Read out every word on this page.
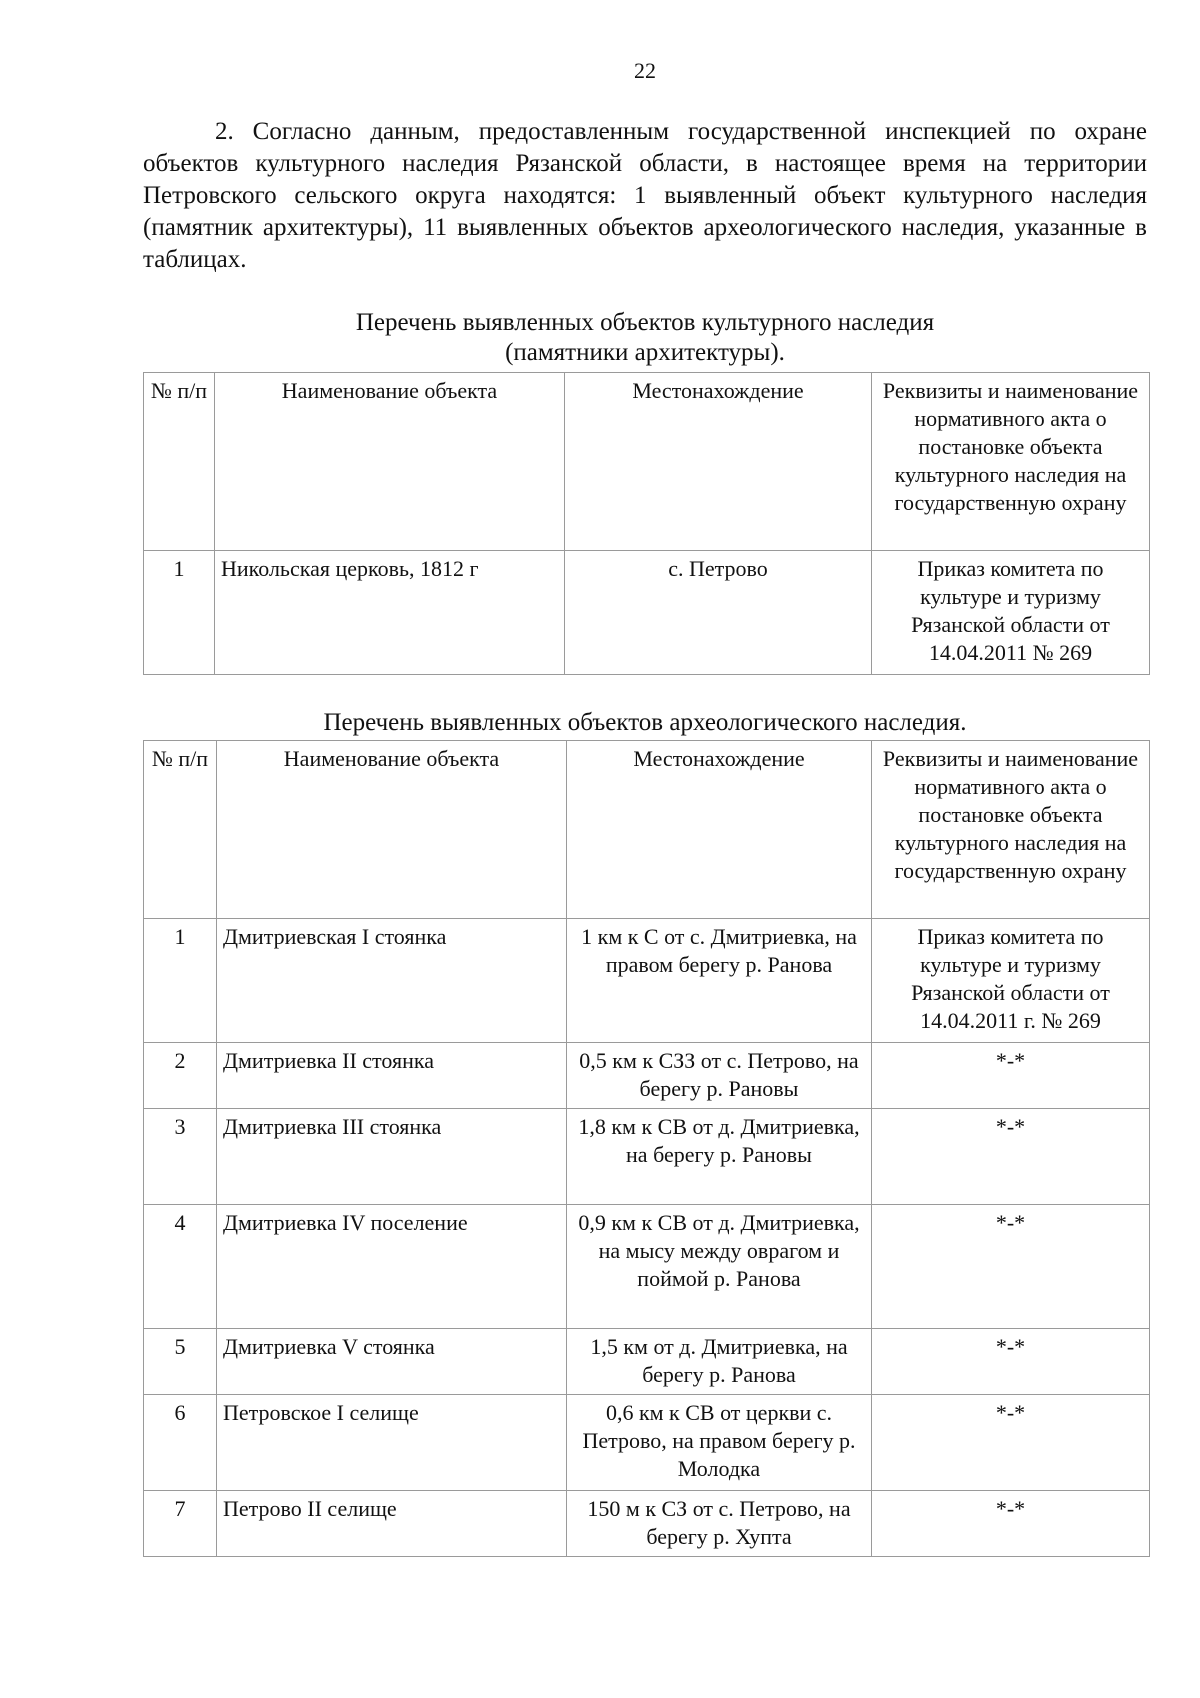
22

2. Согласно данным, предоставленным государственной инспекцией по охране объектов культурного наследия Рязанской области, в настоящее время на территории Петровского сельского округа находятся: 1 выявленный объект культурного наследия (памятник архитектуры), 11 выявленных объектов археологического наследия, указанные в таблицах.

Перечень выявленных объектов культурного наследия
(памятники архитектуры).
№ п/п	Наименование объекта	Местонахождение	Реквизиты и наименование нормативного акта о постановке объекта культурного наследия на государственную охрану
1	Никольская церковь, 1812 г	с. Петрово	Приказ комитета по культуре и туризму Рязанской области от 14.04.2011 № 269
Перечень выявленных объектов археологического наследия.
№ п/п	Наименование объекта	Местонахождение	Реквизиты и наименование нормативного акта о постановке объекта культурного наследия на государственную охрану
1	Дмитриевская I стоянка	1 км к С от с. Дмитриевка, на правом берегу р. Ранова	Приказ комитета по культуре и туризму Рязанской области от 14.04.2011 г. № 269
2	Дмитриевка II стоянка	0,5 км к СЗЗ от с. Петрово, на берегу р. Рановы	*-*
3	Дмитриевка III стоянка	1,8 км к СВ от д. Дмитриевка, на берегу р. Рановы	*-*
4	Дмитриевка IV поселение	0,9 км к СВ от д. Дмитриевка, на мысу между оврагом и поймой р. Ранова	*-*
5	Дмитриевка V стоянка	1,5 км от д. Дмитриевка, на берегу р. Ранова	*-*
6	Петровское I селище	0,6 км к СВ от церкви с. Петрово, на правом берегу р. Молодка	*-*
7	Петрово II селище	150 м к СЗ от с. Петрово, на берегу р. Хупта	*-*
